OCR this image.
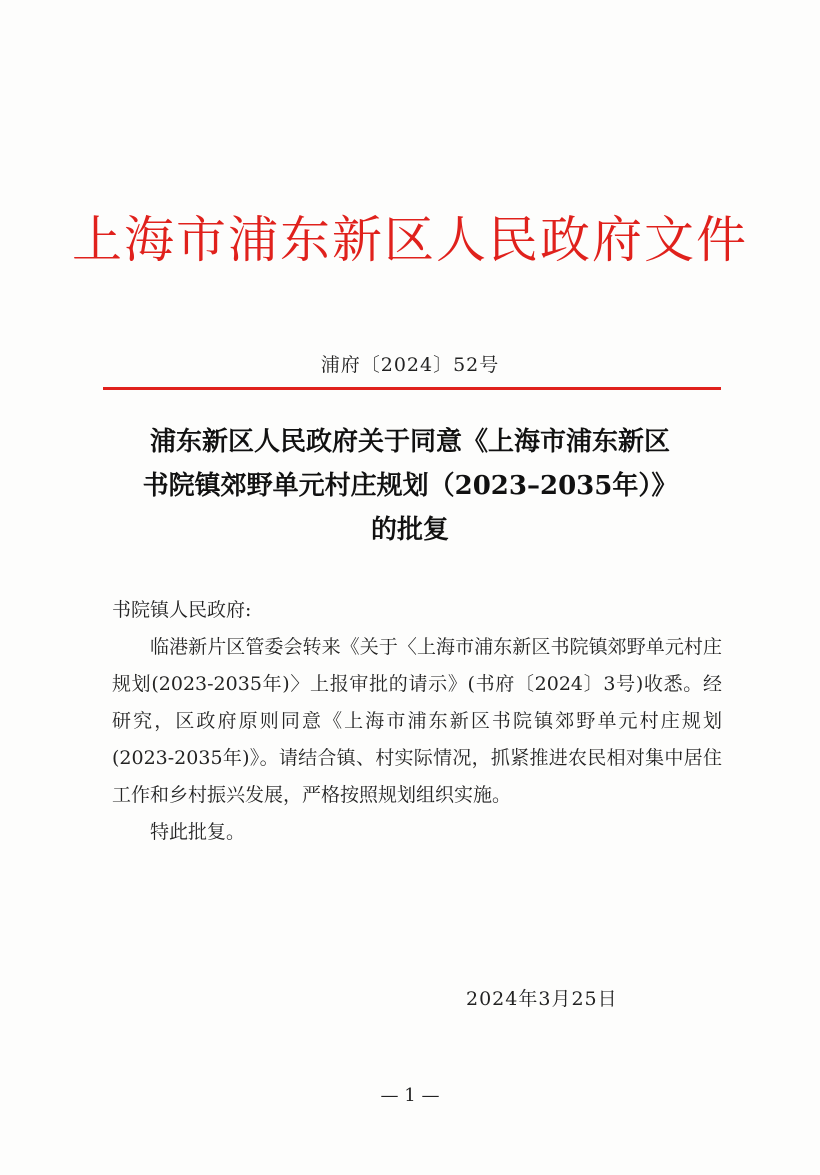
上海市浦东新区人民政府文件
浦府〔2024〕52号
浦东新区人民政府关于同意《上海市浦东新区
书院镇郊野单元村庄规划（2023–2035年）》
的批复

书院镇人民政府:

临港新片区管委会转来《关于〈上海市浦东新区书院镇郊野单元村庄规划(2023-2035年)〉上报审批的请示》(书府〔2024〕3号)收悉。经研究，区政府原则同意《上海市浦东新区书院镇郊野单元村庄规划(2023-2035年)》。请结合镇、村实际情况，抓紧推进农民相对集中居住工作和乡村振兴发展，严格按照规划组织实施。

特此批复。

2024年3月25日
— 1 —
